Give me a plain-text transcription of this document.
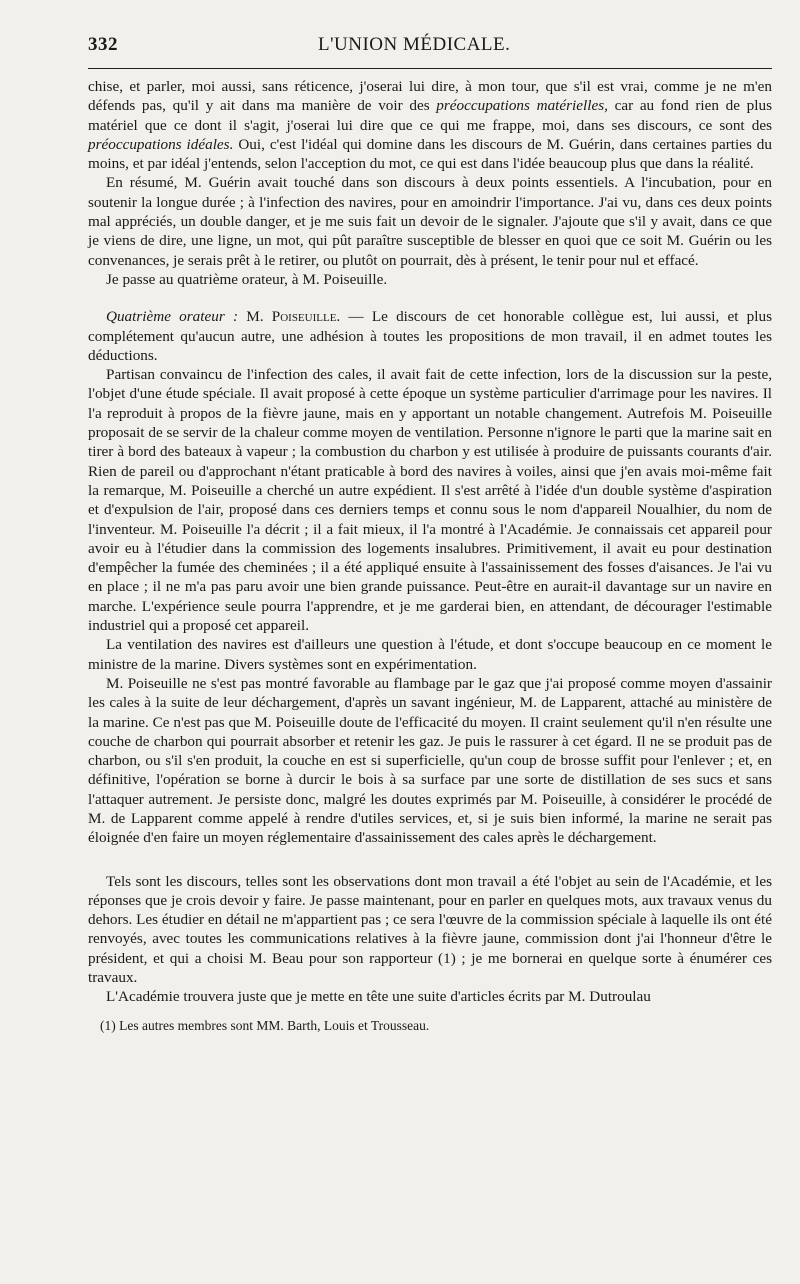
332	L'UNION MÉDICALE.

chise, et parler, moi aussi, sans réticence, j'oserai lui dire, à mon tour, que s'il est vrai, comme je ne m'en défends pas, qu'il y ait dans ma manière de voir des préoccupations matérielles, car au fond rien de plus matériel que ce dont il s'agit, j'oserai lui dire que ce qui me frappe, moi, dans ses discours, ce sont des préoccupations idéales. Oui, c'est l'idéal qui domine dans les discours de M. Guérin, dans certaines parties du moins, et par idéal j'entends, selon l'acception du mot, ce qui est dans l'idée beaucoup plus que dans la réalité.

En résumé, M. Guérin avait touché dans son discours à deux points essentiels. A l'incubation, pour en soutenir la longue durée ; à l'infection des navires, pour en amoindrir l'importance. J'ai vu, dans ces deux points mal appréciés, un double danger, et je me suis fait un devoir de le signaler. J'ajoute que s'il y avait, dans ce que je viens de dire, une ligne, un mot, qui pût paraître susceptible de blesser en quoi que ce soit M. Guérin ou les convenances, je serais prêt à le retirer, ou plutôt on pourrait, dès à présent, le tenir pour nul et effacé.

Je passe au quatrième orateur, à M. Poiseuille.

Quatrième orateur : M. Poiseuille. — Le discours de cet honorable collègue est, lui aussi, et plus complétement qu'aucun autre, une adhésion à toutes les propositions de mon travail, il en admet toutes les déductions.

Partisan convaincu de l'infection des cales, il avait fait de cette infection, lors de la discussion sur la peste, l'objet d'une étude spéciale. Il avait proposé à cette époque un système particulier d'arrimage pour les navires. Il l'a reproduit à propos de la fièvre jaune, mais en y apportant un notable changement. Autrefois M. Poiseuille proposait de se servir de la chaleur comme moyen de ventilation. Personne n'ignore le parti que la marine sait en tirer à bord des bateaux à vapeur ; la combustion du charbon y est utilisée à produire de puissants courants d'air. Rien de pareil ou d'approchant n'étant praticable à bord des navires à voiles, ainsi que j'en avais moi-même fait la remarque, M. Poiseuille a cherché un autre expédient. Il s'est arrêté à l'idée d'un double système d'aspiration et d'expulsion de l'air, proposé dans ces derniers temps et connu sous le nom d'appareil Noualhier, du nom de l'inventeur. M. Poiseuille l'a décrit ; il a fait mieux, il l'a montré à l'Académie. Je connaissais cet appareil pour avoir eu à l'étudier dans la commission des logements insalubres. Primitivement, il avait eu pour destination d'empêcher la fumée des cheminées ; il a été appliqué ensuite à l'assainissement des fosses d'aisances. Je l'ai vu en place ; il ne m'a pas paru avoir une bien grande puissance. Peut-être en aurait-il davantage sur un navire en marche. L'expérience seule pourra l'apprendre, et je me garderai bien, en attendant, de décourager l'estimable industriel qui a proposé cet appareil.

La ventilation des navires est d'ailleurs une question à l'étude, et dont s'occupe beaucoup en ce moment le ministre de la marine. Divers systèmes sont en expérimentation.

M. Poiseuille ne s'est pas montré favorable au flambage par le gaz que j'ai proposé comme moyen d'assainir les cales à la suite de leur déchargement, d'après un savant ingénieur, M. de Lapparent, attaché au ministère de la marine. Ce n'est pas que M. Poiseuille doute de l'efficacité du moyen. Il craint seulement qu'il n'en résulte une couche de charbon qui pourrait absorber et retenir les gaz. Je puis le rassurer à cet égard. Il ne se produit pas de charbon, ou s'il s'en produit, la couche en est si superficielle, qu'un coup de brosse suffit pour l'enlever ; et, en définitive, l'opération se borne à durcir le bois à sa surface par une sorte de distillation de ses sucs et sans l'attaquer autrement. Je persiste donc, malgré les doutes exprimés par M. Poiseuille, à considérer le procédé de M. de Lapparent comme appelé à rendre d'utiles services, et, si je suis bien informé, la marine ne serait pas éloignée d'en faire un moyen réglementaire d'assainissement des cales après le déchargement.

Tels sont les discours, telles sont les observations dont mon travail a été l'objet au sein de l'Académie, et les réponses que je crois devoir y faire. Je passe maintenant, pour en parler en quelques mots, aux travaux venus du dehors. Les étudier en détail ne m'appartient pas ; ce sera l'œuvre de la commission spéciale à laquelle ils ont été renvoyés, avec toutes les communications relatives à la fièvre jaune, commission dont j'ai l'honneur d'être le président, et qui a choisi M. Beau pour son rapporteur (1) ; je me bornerai en quelque sorte à énumérer ces travaux.

L'Académie trouvera juste que je mette en tête une suite d'articles écrits par M. Dutroulau

(1) Les autres membres sont MM. Barth, Louis et Trousseau.
